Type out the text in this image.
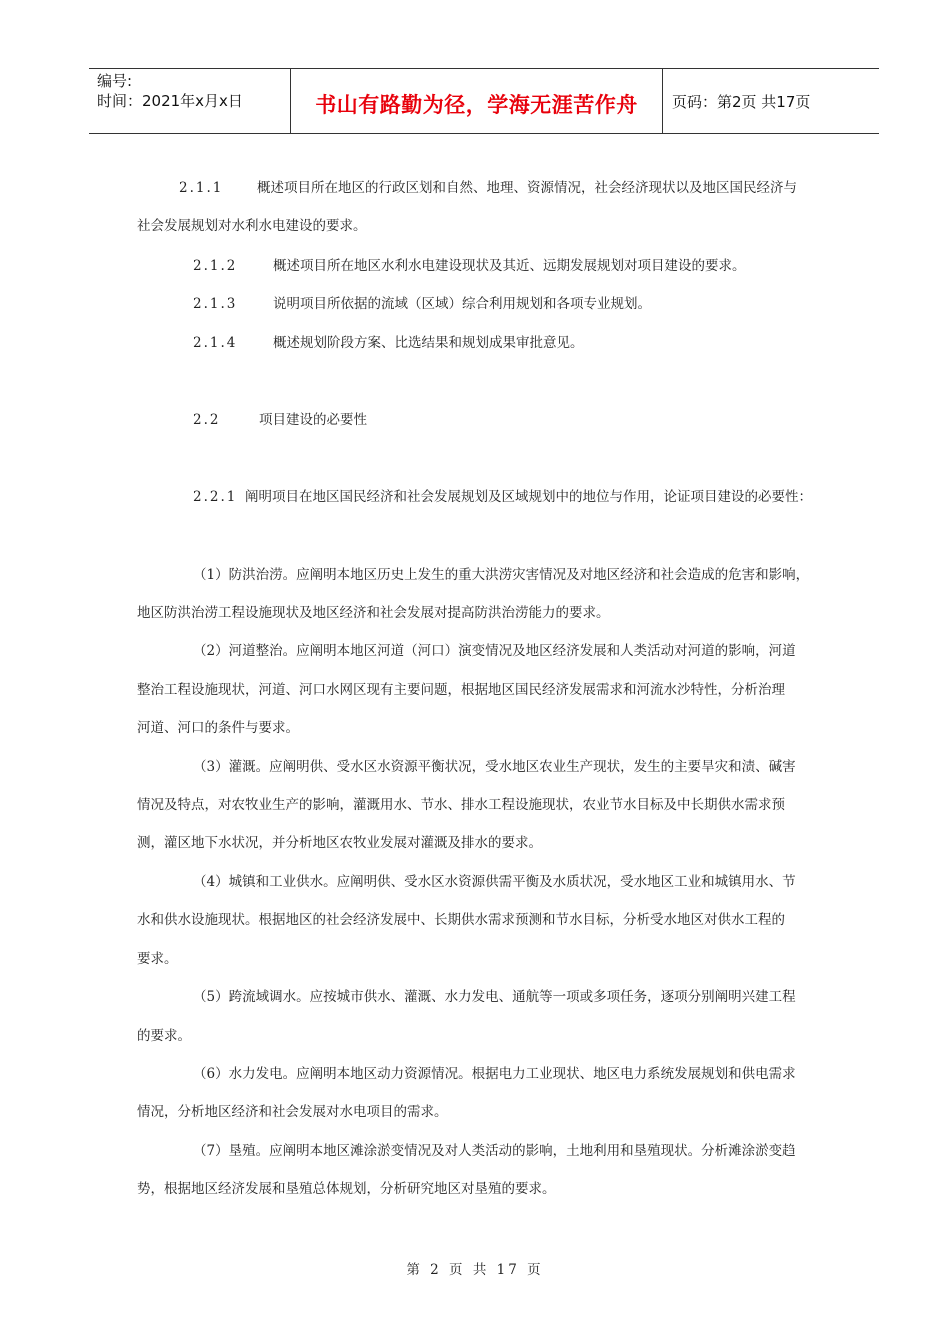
编号:
时间：2021年x月x日	书山有路勤为径，学海无涯苦作舟	页码：第2页 共17页
2.1.1 概述项目所在地区的行政区划和自然、地理、资源情况，社会经济现状以及地区国民经济与
社会发展规划对水利水电建设的要求。
2.1.2	概述项目所在地区水利水电建设现状及其近、远期发展规划对项目建设的要求。
2.1.3	说明项目所依据的流域（区域）综合利用规划和各项专业规划。
2.1.4	概述规划阶段方案、比选结果和规划成果审批意见。
2.2	项目建设的必要性
2.2.1 阐明项目在地区国民经济和社会发展规划及区域规划中的地位与作用，论证项目建设的必要性：
（1）防洪治涝。应阐明本地区历史上发生的重大洪涝灾害情况及对地区经济和社会造成的危害和影响，
地区防洪治涝工程设施现状及地区经济和社会发展对提高防洪治涝能力的要求。
（2）河道整治。应阐明本地区河道（河口）演变情况及地区经济发展和人类活动对河道的影响，河道
整治工程设施现状，河道、河口水网区现有主要问题，根据地区国民经济发展需求和河流水沙特性，分析治理
河道、河口的条件与要求。
（3）灌溉。应阐明供、受水区水资源平衡状况，受水地区农业生产现状，发生的主要旱灾和渍、碱害
情况及特点，对农牧业生产的影响，灌溉用水、节水、排水工程设施现状，农业节水目标及中长期供水需求预
测，灌区地下水状况，并分析地区农牧业发展对灌溉及排水的要求。
（4）城镇和工业供水。应阐明供、受水区水资源供需平衡及水质状况，受水地区工业和城镇用水、节
水和供水设施现状。根据地区的社会经济发展中、长期供水需求预测和节水目标，分析受水地区对供水工程的
要求。
（5）跨流域调水。应按城市供水、灌溉、水力发电、通航等一项或多项任务，逐项分别阐明兴建工程
的要求。
（6）水力发电。应阐明本地区动力资源情况。根据电力工业现状、地区电力系统发展规划和供电需求
情况，分析地区经济和社会发展对水电项目的需求。
（7）垦殖。应阐明本地区滩涂淤变情况及对人类活动的影响，土地利用和垦殖现状。分析滩涂淤变趋
势，根据地区经济发展和垦殖总体规划，分析研究地区对垦殖的要求。
第 2 页 共 17 页
